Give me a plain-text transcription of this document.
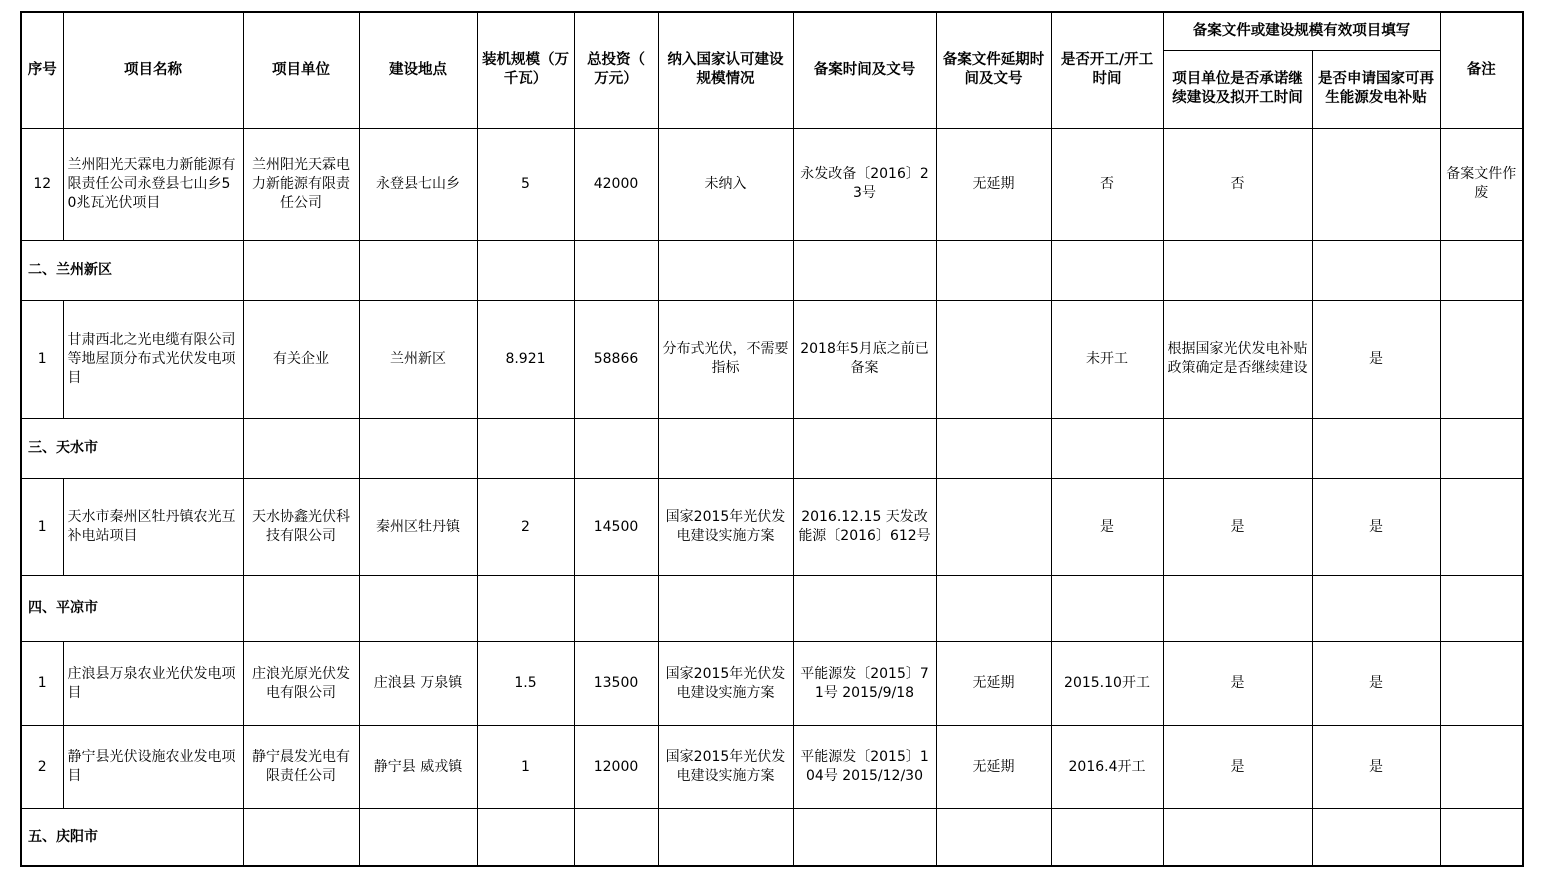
序号	项目名称	项目单位	建设地点	装机规模（万千瓦）	总投资（ 万元）	纳入国家认可建设规模情况	备案时间及文号	备案文件延期时间及文号	是否开工/开工时间	备案文件或建设规模有效项目填写		备注
										项目单位是否承诺继续建设及拟开工时间	是否申请国家可再生能源发电补贴	
12	兰州阳光天霖电力新能源有限责任公司永登县七山乡50兆瓦光伏项目	兰州阳光天霖电力新能源有限责任公司	永登县七山乡	5	42000	未纳入	永发改备〔2016〕23号	无延期	否	否		备案文件作废
二、兰州新区												
1	甘肃西北之光电缆有限公司等地屋顶分布式光伏发电项目	有关企业	兰州新区	8.921	58866	分布式光伏，不需要指标	2018年5月底之前已备案		未开工	根据国家光伏发电补贴政策确定是否继续建设	是	
三、天水市												
1	天水市秦州区牡丹镇农光互补电站项目	天水协鑫光伏科技有限公司	秦州区牡丹镇	2	14500	国家2015年光伏发电建设实施方案	2016.12.15 天发改能源〔2016〕612号		是	是	是	
四、平凉市												
1	庄浪县万泉农业光伏发电项目	庄浪光原光伏发电有限公司	庄浪县 万泉镇	1.5	13500	国家2015年光伏发电建设实施方案	平能源发〔2015〕71号 2015/9/18	无延期	2015.10开工	是	是	
2	静宁县光伏设施农业发电项目	静宁晨发光电有限责任公司	静宁县 威戎镇	1	12000	国家2015年光伏发电建设实施方案	平能源发〔2015〕104号 2015/12/30	无延期	2016.4开工	是	是	
五、庆阳市												
